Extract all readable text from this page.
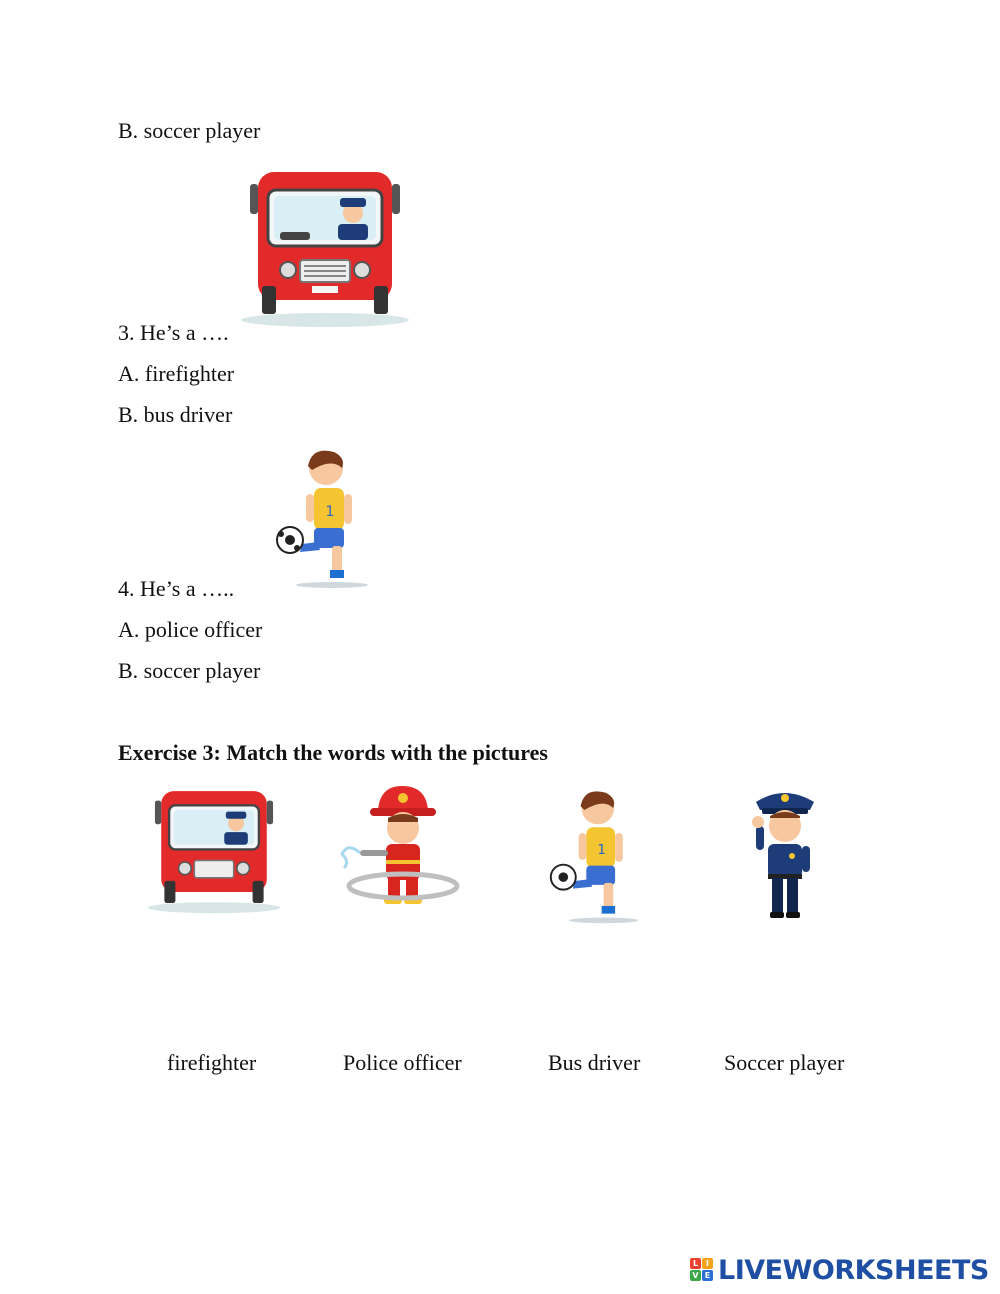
B. soccer player
3. He’s a ….
A. firefighter
B. bus driver
1
4. He’s a …..
A. police officer
B. soccer player
Exercise 3: Match the words with the pictures
1
firefighter	Police officer	Bus driver	Soccer player
L I
V E LIVEWORKSHEETS
